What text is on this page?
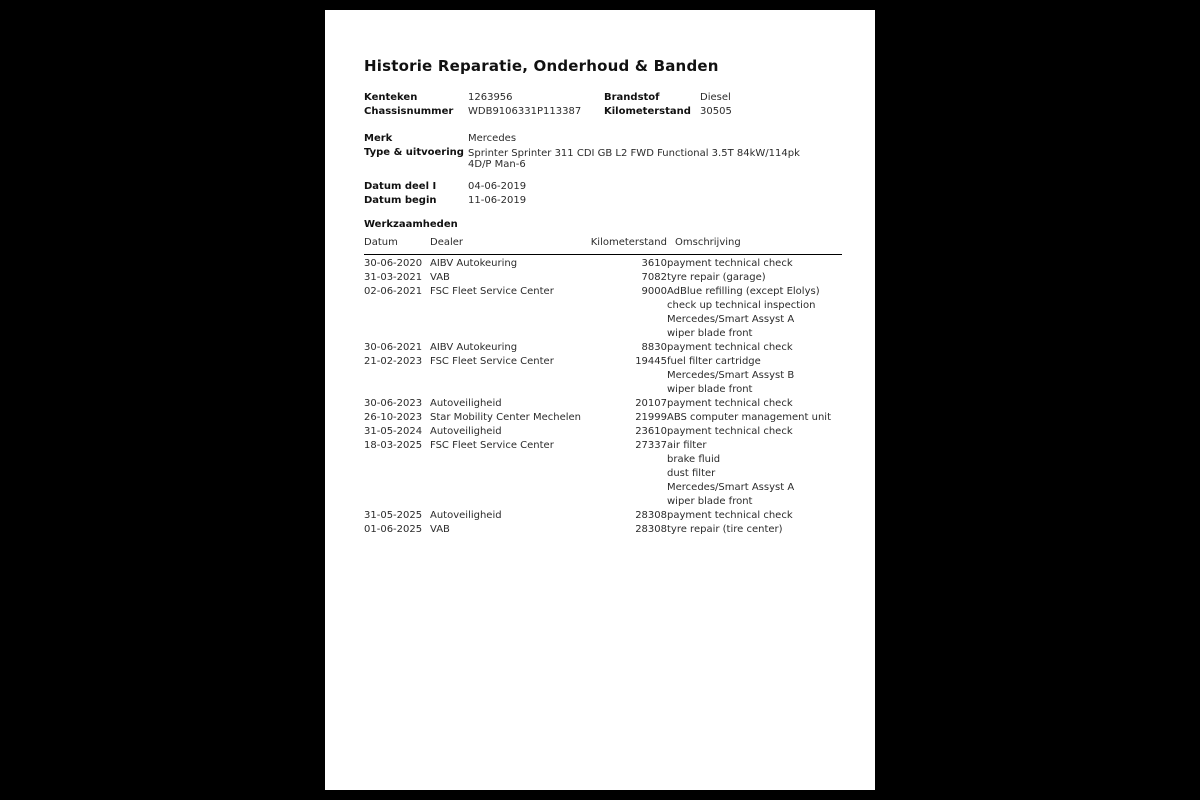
Historie Reparatie, Onderhoud & Banden
Kenteken	1263956	Brandstof	Diesel
Chassisnummer	WDB9106331P113387	Kilometerstand 30505
Merk	Mercedes
Type & uitvoering Sprinter Sprinter 311 CDI GB L2 FWD Functional 3.5T 84kW/114pk 4D/P Man-6
Datum deel I	04-06-2019
Datum begin	11-06-2019
Werkzaamheden
Datum	Dealer	Kilometerstand	Omschrijving
30-06-2020	AIBV Autokeuring	3610	payment technical check

31-03-2021	VAB	7082	tyre repair (garage)

02-06-2021	FSC Fleet Service Center	9000	AdBlue refilling (except Elolys)
check up technical inspection
Mercedes/Smart Assyst A
wiper blade front

30-06-2021	AIBV Autokeuring	8830	payment technical check

21-02-2023	FSC Fleet Service Center	19445	fuel filter cartridge
Mercedes/Smart Assyst B
wiper blade front

30-06-2023	Autoveiligheid	20107	payment technical check

26-10-2023	Star Mobility Center Mechelen	21999	ABS computer management unit

31-05-2024	Autoveiligheid	23610	payment technical check

18-03-2025	FSC Fleet Service Center	27337	air filter
brake fluid
dust filter
Mercedes/Smart Assyst A
wiper blade front

31-05-2025	Autoveiligheid	28308	payment technical check

01-06-2025	VAB	28308	tyre repair (tire center)
